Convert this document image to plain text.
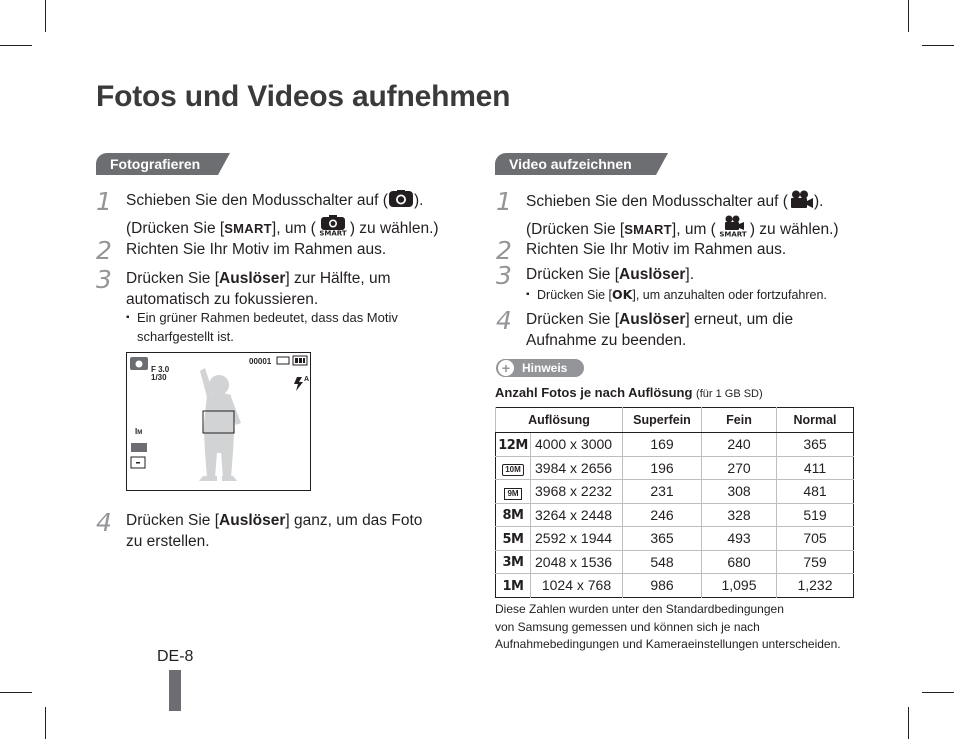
Fotos und Videos aufnehmen
Fotografieren
1 Schieben Sie den Modusschalter auf ( ).
(Drücken Sie [SMART], um ( SMART ) zu wählen.)
2 Richten Sie Ihr Motiv im Rahmen aus.
3 Drücken Sie [Auslöser] zur Hälfte, um
automatisch zu fokussieren.
▪ Ein grüner Rahmen bedeutet, dass das Motiv
scharfgestellt ist.
F 3.0
1/30
00001
A
IM
4 Drücken Sie [Auslöser] ganz, um das Foto
zu erstellen.
Video aufzeichnen
1 Schieben Sie den Modusschalter auf ( ).
(Drücken Sie [SMART], um ( SMART ) zu wählen.)
2 Richten Sie Ihr Motiv im Rahmen aus.
3 Drücken Sie [Auslöser].
▪ Drücken Sie [OK], um anzuhalten oder fortzufahren.
4 Drücken Sie [Auslöser] erneut, um die
Aufnahme zu beenden.
+ Hinweis
Anzahl Fotos je nach Auflösung (für 1 GB SD)
Auflösung		Superfein	Fein	Normal
12M	4000 x 3000	169	240	365
10M	3984 x 2656	196	270	411
9M	3968 x 2232	231	308	481
8M	3264 x 2448	246	328	519
5M	2592 x 1944	365	493	705
3M	2048 x 1536	548	680	759
1M	1024 x 768	986	1,095	1,232
Diese Zahlen wurden unter den Standardbedingungen
von Samsung gemessen und können sich je nach
Aufnahmebedingungen und Kameraeinstellungen unterscheiden.
DE-8
